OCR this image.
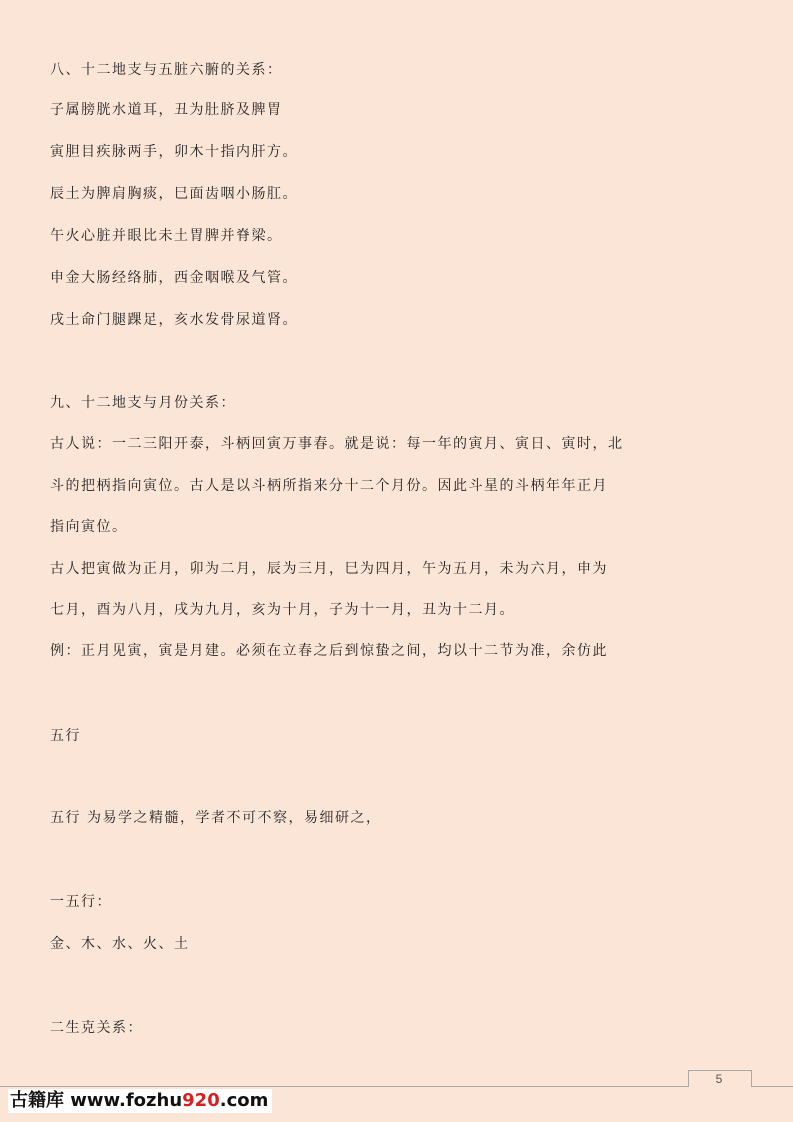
八、十二地支与五脏六腑的关系：
子属膀胱水道耳，丑为肚脐及脾胃
寅胆目疾脉两手，卯木十指内肝方。
辰土为脾肩胸痰，巳面齿咽小肠肛。
午火心脏并眼比未土胃脾并脊梁。
申金大肠经络肺，西金咽喉及气管。
戌土命门腿踝足，亥水发骨尿道肾。
九、十二地支与月份关系：
古人说：一二三阳开泰，斗柄回寅万事春。就是说：每一年的寅月、寅日、寅时，北
斗的把柄指向寅位。古人是以斗柄所指来分十二个月份。因此斗星的斗柄年年正月
指向寅位。
古人把寅做为正月，卯为二月，辰为三月，巳为四月，午为五月，未为六月，申为
七月，酉为八月，戌为九月，亥为十月，子为十一月，丑为十二月。
例：正月见寅，寅是月建。必须在立春之后到惊蛰之间，均以十二节为准，余仿此
五行
五行 为易学之精髓，学者不可不察，易细研之，
一五行：
金、木、水、火、土
二生克关系：
5
古籍库 www.fozhu920.com
